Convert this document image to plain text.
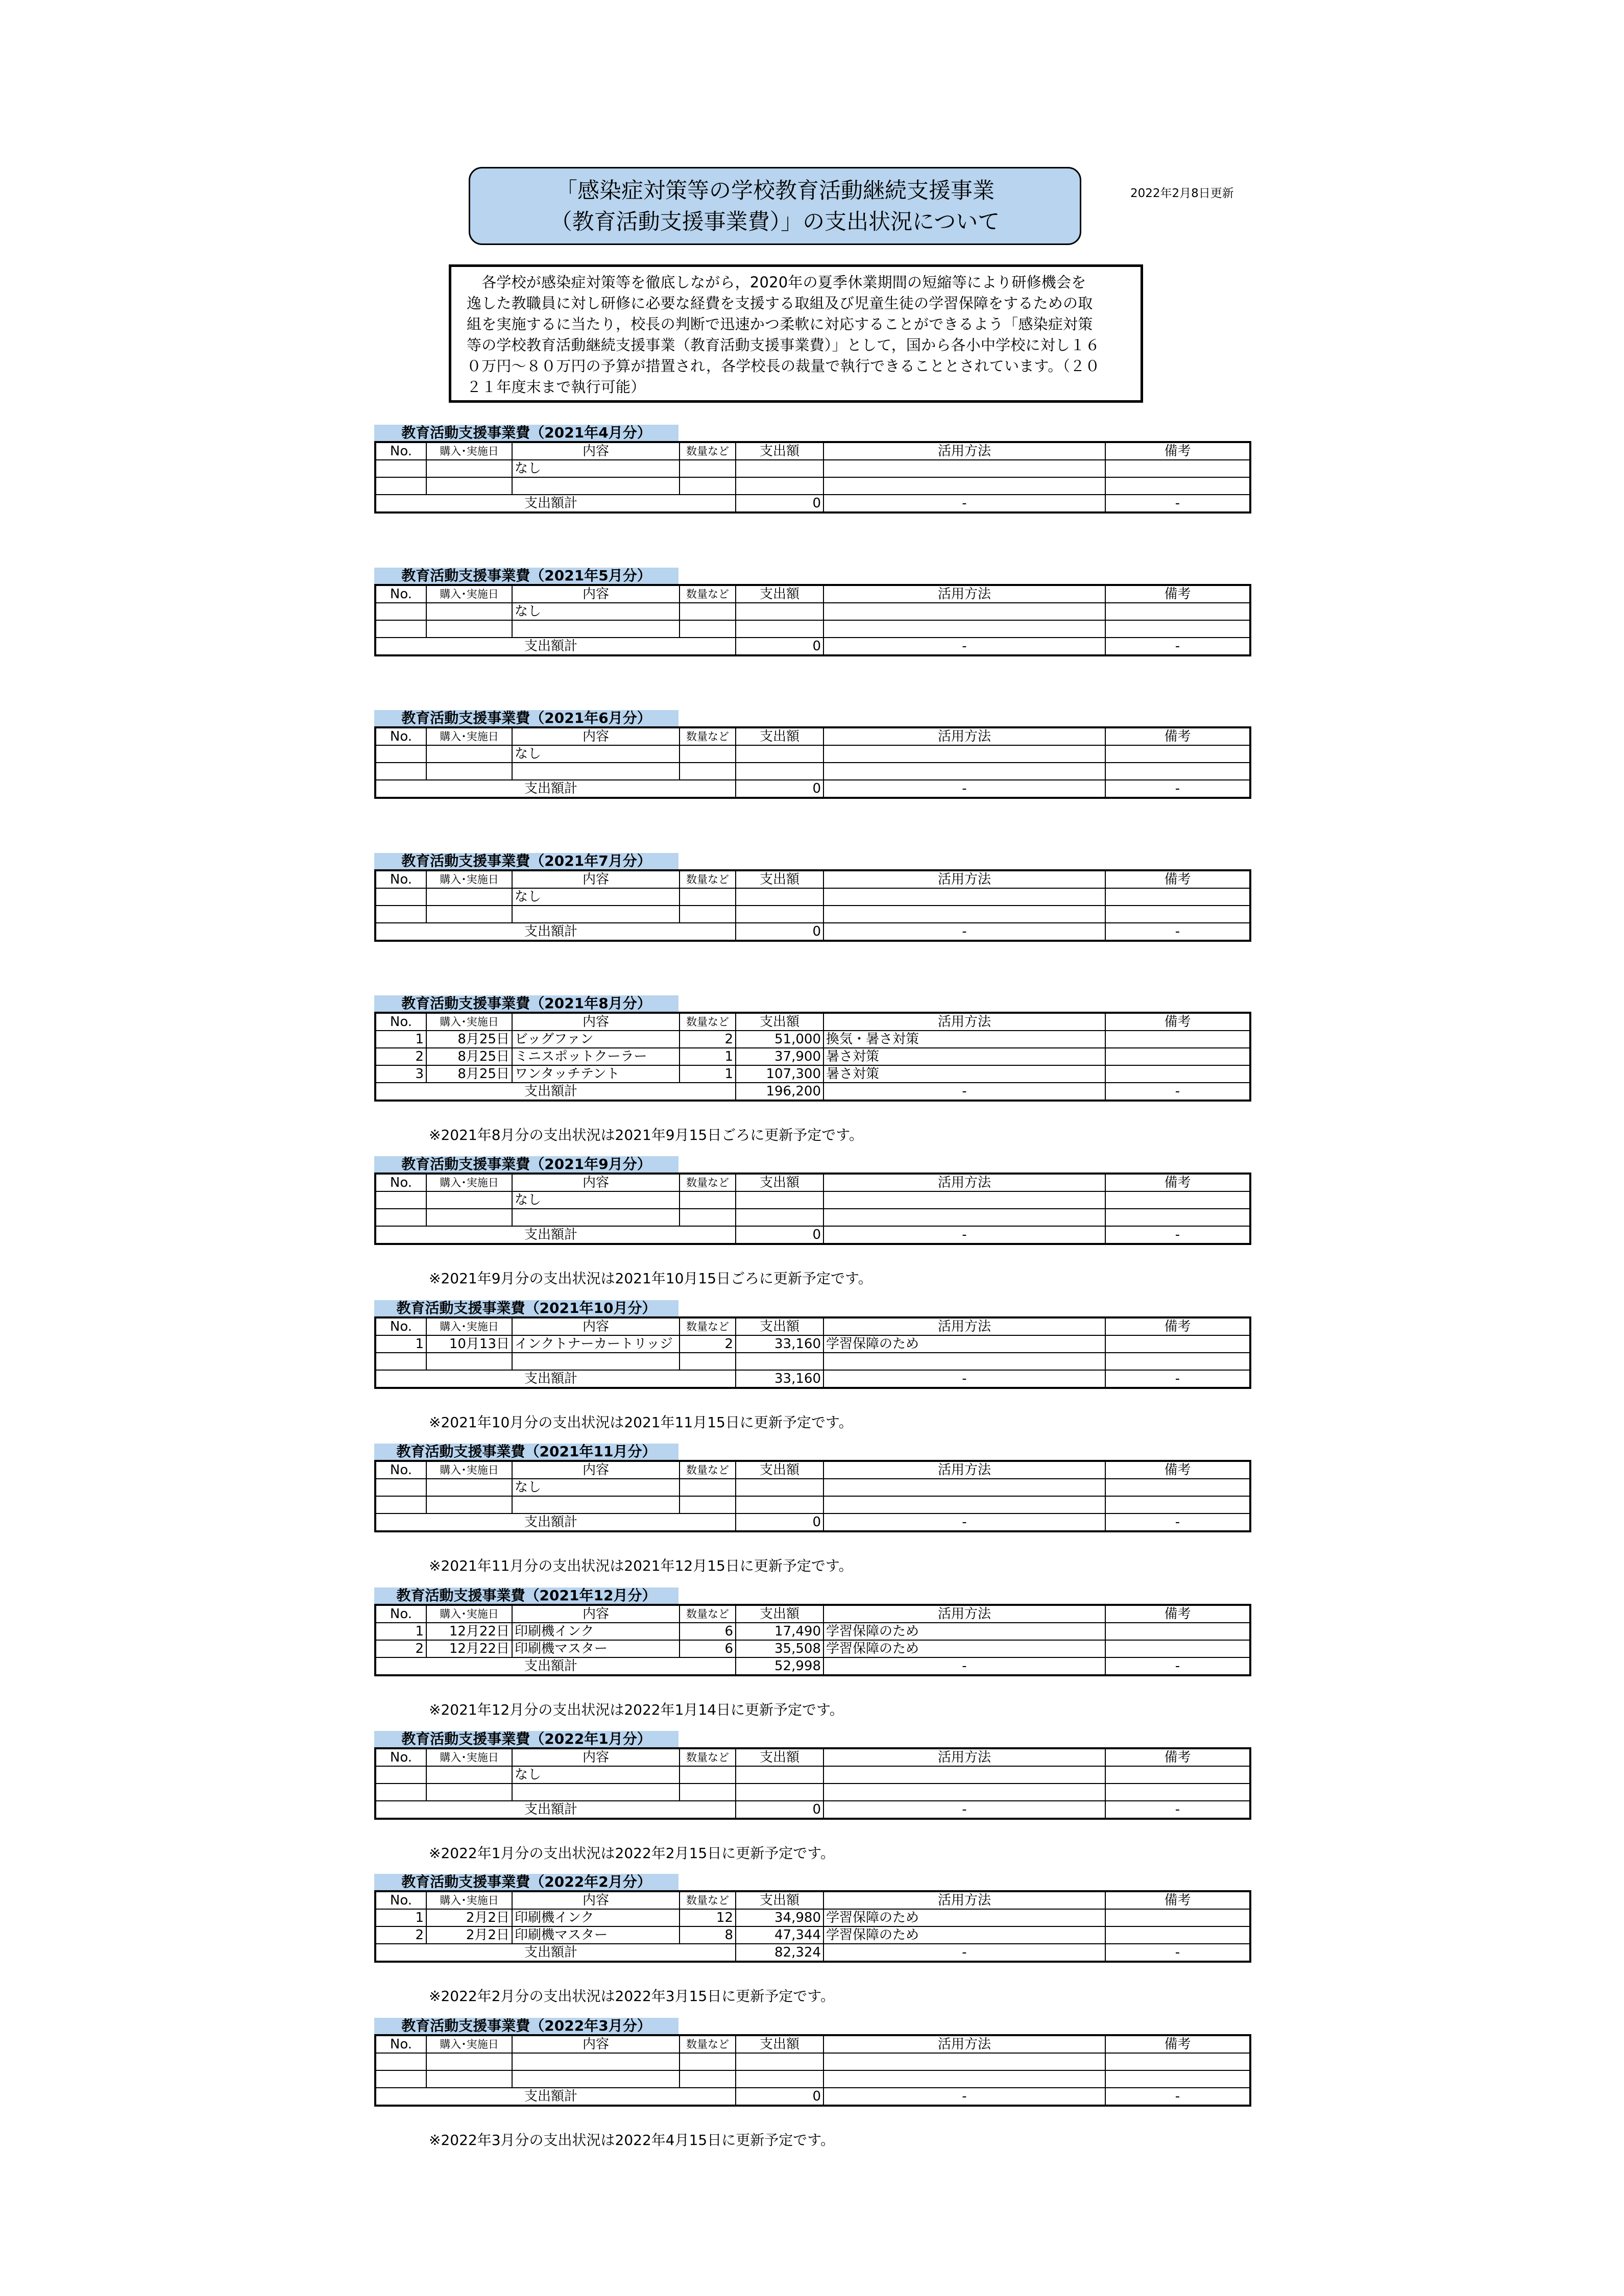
「感染症対策等の学校教育活動継続支援事業
（教育活動支援事業費）」の支出状況について
2022年2月8日更新
　各学校が感染症対策等を徹底しながら，2020年の夏季休業期間の短縮等により研修機会を
逸した教職員に対し研修に必要な経費を支援する取組及び児童生徒の学習保障をするための取
組を実施するに当たり，校長の判断で迅速かつ柔軟に対応することができるよう「感染症対策
等の学校教育活動継続支援事業（教育活動支援事業費）」として，国から各小中学校に対し１６
０万円～８０万円の予算が措置され，各学校長の裁量で執行できることとされています。（２０
２１年度末まで執行可能）
教育活動支援事業費（2021年4月分）
No.	購入･実施日	内容	数量など	支出額	活用方法	備考
		なし				

支出額計				0	-	-
教育活動支援事業費（2021年5月分）
No.	購入･実施日	内容	数量など	支出額	活用方法	備考
		なし				

支出額計				0	-	-
教育活動支援事業費（2021年6月分）
No.	購入･実施日	内容	数量など	支出額	活用方法	備考
		なし				

支出額計				0	-	-
教育活動支援事業費（2021年7月分）
No.	購入･実施日	内容	数量など	支出額	活用方法	備考
		なし				

支出額計				0	-	-
教育活動支援事業費（2021年8月分）
No.	購入･実施日	内容	数量など	支出額	活用方法	備考
1	8月25日	ビッグファン	2	51,000	換気・暑さ対策	
2	8月25日	ミニスポットクーラー	1	37,900	暑さ対策	
3	8月25日	ワンタッチテント	1	107,300	暑さ対策	
支出額計				196,200	-	-
※2021年8月分の支出状況は2021年9月15日ごろに更新予定です。
教育活動支援事業費（2021年9月分）
No.	購入･実施日	内容	数量など	支出額	活用方法	備考
		なし				

支出額計				0	-	-
※2021年9月分の支出状況は2021年10月15日ごろに更新予定です。
教育活動支援事業費（2021年10月分）
No.	購入･実施日	内容	数量など	支出額	活用方法	備考
1	10月13日	インクトナーカートリッジ	2	33,160	学習保障のため	

支出額計				33,160	-	-
※2021年10月分の支出状況は2021年11月15日に更新予定です。
教育活動支援事業費（2021年11月分）
No.	購入･実施日	内容	数量など	支出額	活用方法	備考
		なし				

支出額計				0	-	-
※2021年11月分の支出状況は2021年12月15日に更新予定です。
教育活動支援事業費（2021年12月分）
No.	購入･実施日	内容	数量など	支出額	活用方法	備考
1	12月22日	印刷機インク	6	17,490	学習保障のため	
2	12月22日	印刷機マスター	6	35,508	学習保障のため	
支出額計				52,998	-	-
※2021年12月分の支出状況は2022年1月14日に更新予定です。
教育活動支援事業費（2022年1月分）
No.	購入･実施日	内容	数量など	支出額	活用方法	備考
		なし				

支出額計				0	-	-
※2022年1月分の支出状況は2022年2月15日に更新予定です。
教育活動支援事業費（2022年2月分）
No.	購入･実施日	内容	数量など	支出額	活用方法	備考
1	2月2日	印刷機インク	12	34,980	学習保障のため	
2	2月2日	印刷機マスター	8	47,344	学習保障のため	
支出額計				82,324	-	-
※2022年2月分の支出状況は2022年3月15日に更新予定です。
教育活動支援事業費（2022年3月分）
No.	購入･実施日	内容	数量など	支出額	活用方法	備考

支出額計				0	-	-
※2022年3月分の支出状況は2022年4月15日に更新予定です。
